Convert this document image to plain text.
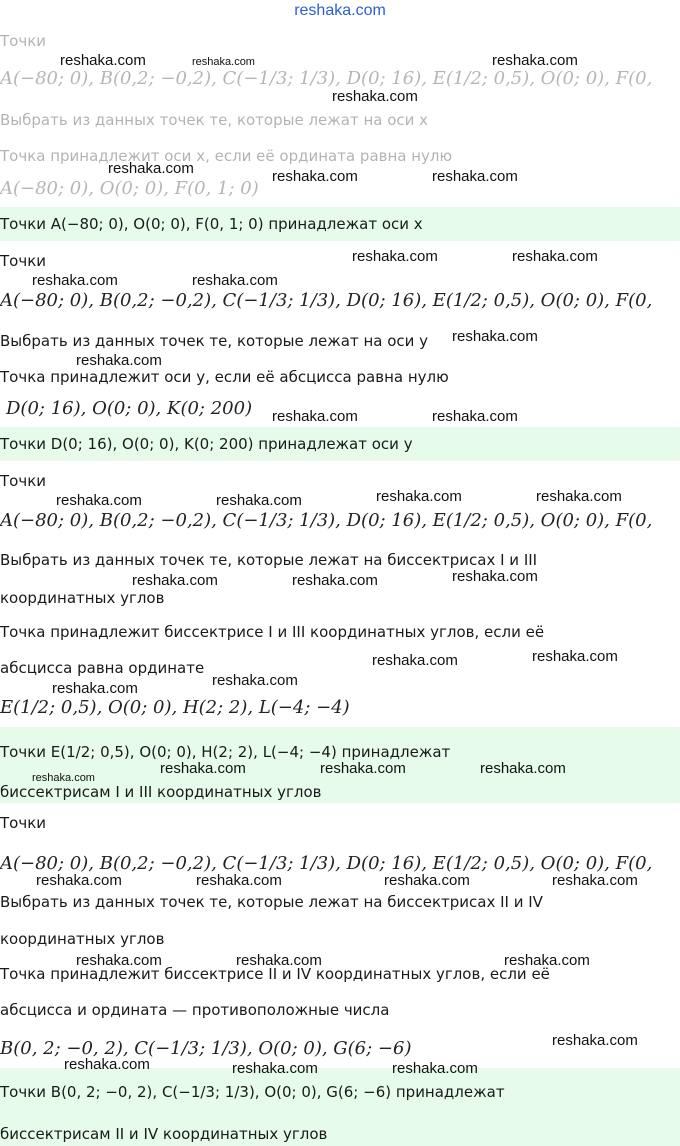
reshaka.com
Точки
A(−80; 0), B(0,2; −0,2), C(−1/3; 1/3), D(0; 16), E(1/2; 0,5), O(0; 0), F(0,
Выбрать из данных точек те, которые лежат на оси x
Точка принадлежит оси x, если её ордината равна нулю
A(−80; 0), O(0; 0), F(0, 1; 0)
Точки A(−80; 0), O(0; 0), F(0, 1; 0) принадлежат оси x
Точки
A(−80; 0), B(0,2; −0,2), C(−1/3; 1/3), D(0; 16), E(1/2; 0,5), O(0; 0), F(0,
Выбрать из данных точек те, которые лежат на оси y
Точка принадлежит оси y, если её абсцисса равна нулю
D(0; 16), O(0; 0), K(0; 200)
Точки D(0; 16), O(0; 0), K(0; 200) принадлежат оси y
Точки
A(−80; 0), B(0,2; −0,2), C(−1/3; 1/3), D(0; 16), E(1/2; 0,5), O(0; 0), F(0,
Выбрать из данных точек те, которые лежат на биссектрисах I и III
координатных углов
Точка принадлежит биссектрисе I и III координатных углов, если её
абсцисса равна ординате
E(1/2; 0,5), O(0; 0), H(2; 2), L(−4; −4)
Точки E(1/2; 0,5), O(0; 0), H(2; 2), L(−4; −4) принадлежат
биссектрисам I и III координатных углов
Точки
A(−80; 0), B(0,2; −0,2), C(−1/3; 1/3), D(0; 16), E(1/2; 0,5), O(0; 0), F(0,
Выбрать из данных точек те, которые лежат на биссектрисах II и IV
координатных углов
Точка принадлежит биссектрисе II и IV координатных углов, если её
абсцисса и ордината — противоположные числа
B(0, 2; −0, 2), C(−1/3; 1/3), O(0; 0), G(6; −6)
Точки B(0, 2; −0, 2), C(−1/3; 1/3), O(0; 0), G(6; −6) принадлежат
биссектрисам II и IV координатных углов
reshaka.com	reshaka.com	reshaka.com
reshaka.com
reshaka.com	reshaka.com	reshaka.com
reshaka.com	reshaka.com
reshaka.com	reshaka.com
reshaka.com
reshaka.com
reshaka.com	reshaka.com
reshaka.com	reshaka.com	reshaka.com	reshaka.com
reshaka.com	reshaka.com	reshaka.com
reshaka.com	reshaka.com
reshaka.com
reshaka.com
reshaka.com
reshaka.com	reshaka.com	reshaka.com
reshaka.com	reshaka.com	reshaka.com	reshaka.com
reshaka.com	reshaka.com	reshaka.com
reshaka.com
reshaka.com	reshaka.com	reshaka.com
